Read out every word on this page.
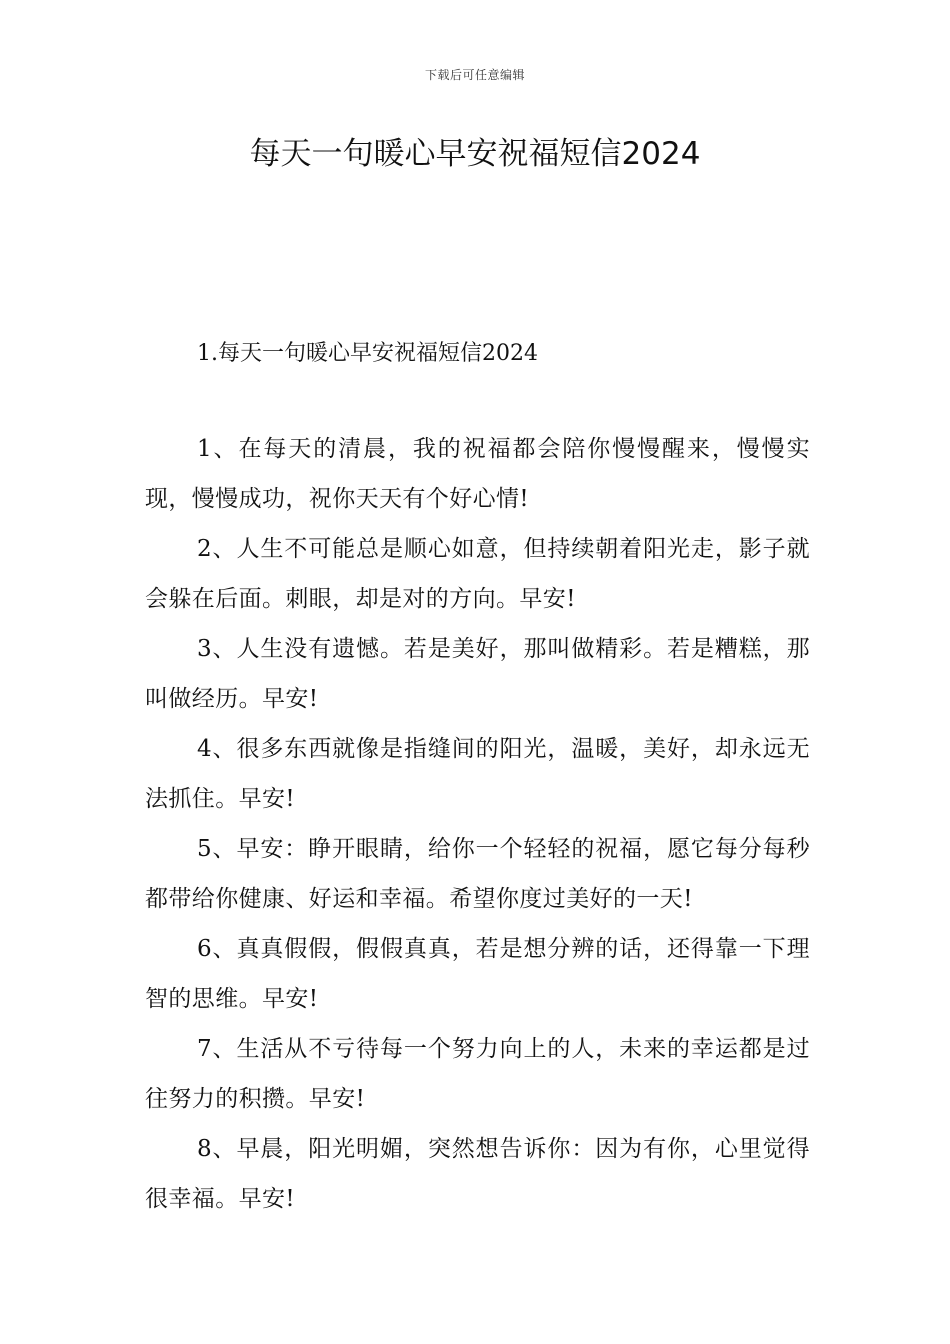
下载后可任意编辑
每天一句暖心早安祝福短信2024
1.每天一句暖心早安祝福短信2024

1、在每天的清晨，我的祝福都会陪你慢慢醒来，慢慢实现，慢慢成功，祝你天天有个好心情!

2、人生不可能总是顺心如意，但持续朝着阳光走，影子就会躲在后面。刺眼，却是对的方向。早安!

3、人生没有遗憾。若是美好，那叫做精彩。若是糟糕，那叫做经历。早安!

4、很多东西就像是指缝间的阳光，温暖，美好，却永远无法抓住。早安!

5、早安：睁开眼睛，给你一个轻轻的祝福，愿它每分每秒都带给你健康、好运和幸福。希望你度过美好的一天!

6、真真假假，假假真真，若是想分辨的话，还得靠一下理智的思维。早安!

7、生活从不亏待每一个努力向上的人，未来的幸运都是过往努力的积攒。早安!

8、早晨，阳光明媚，突然想告诉你：因为有你，心里觉得很幸福。早安!
